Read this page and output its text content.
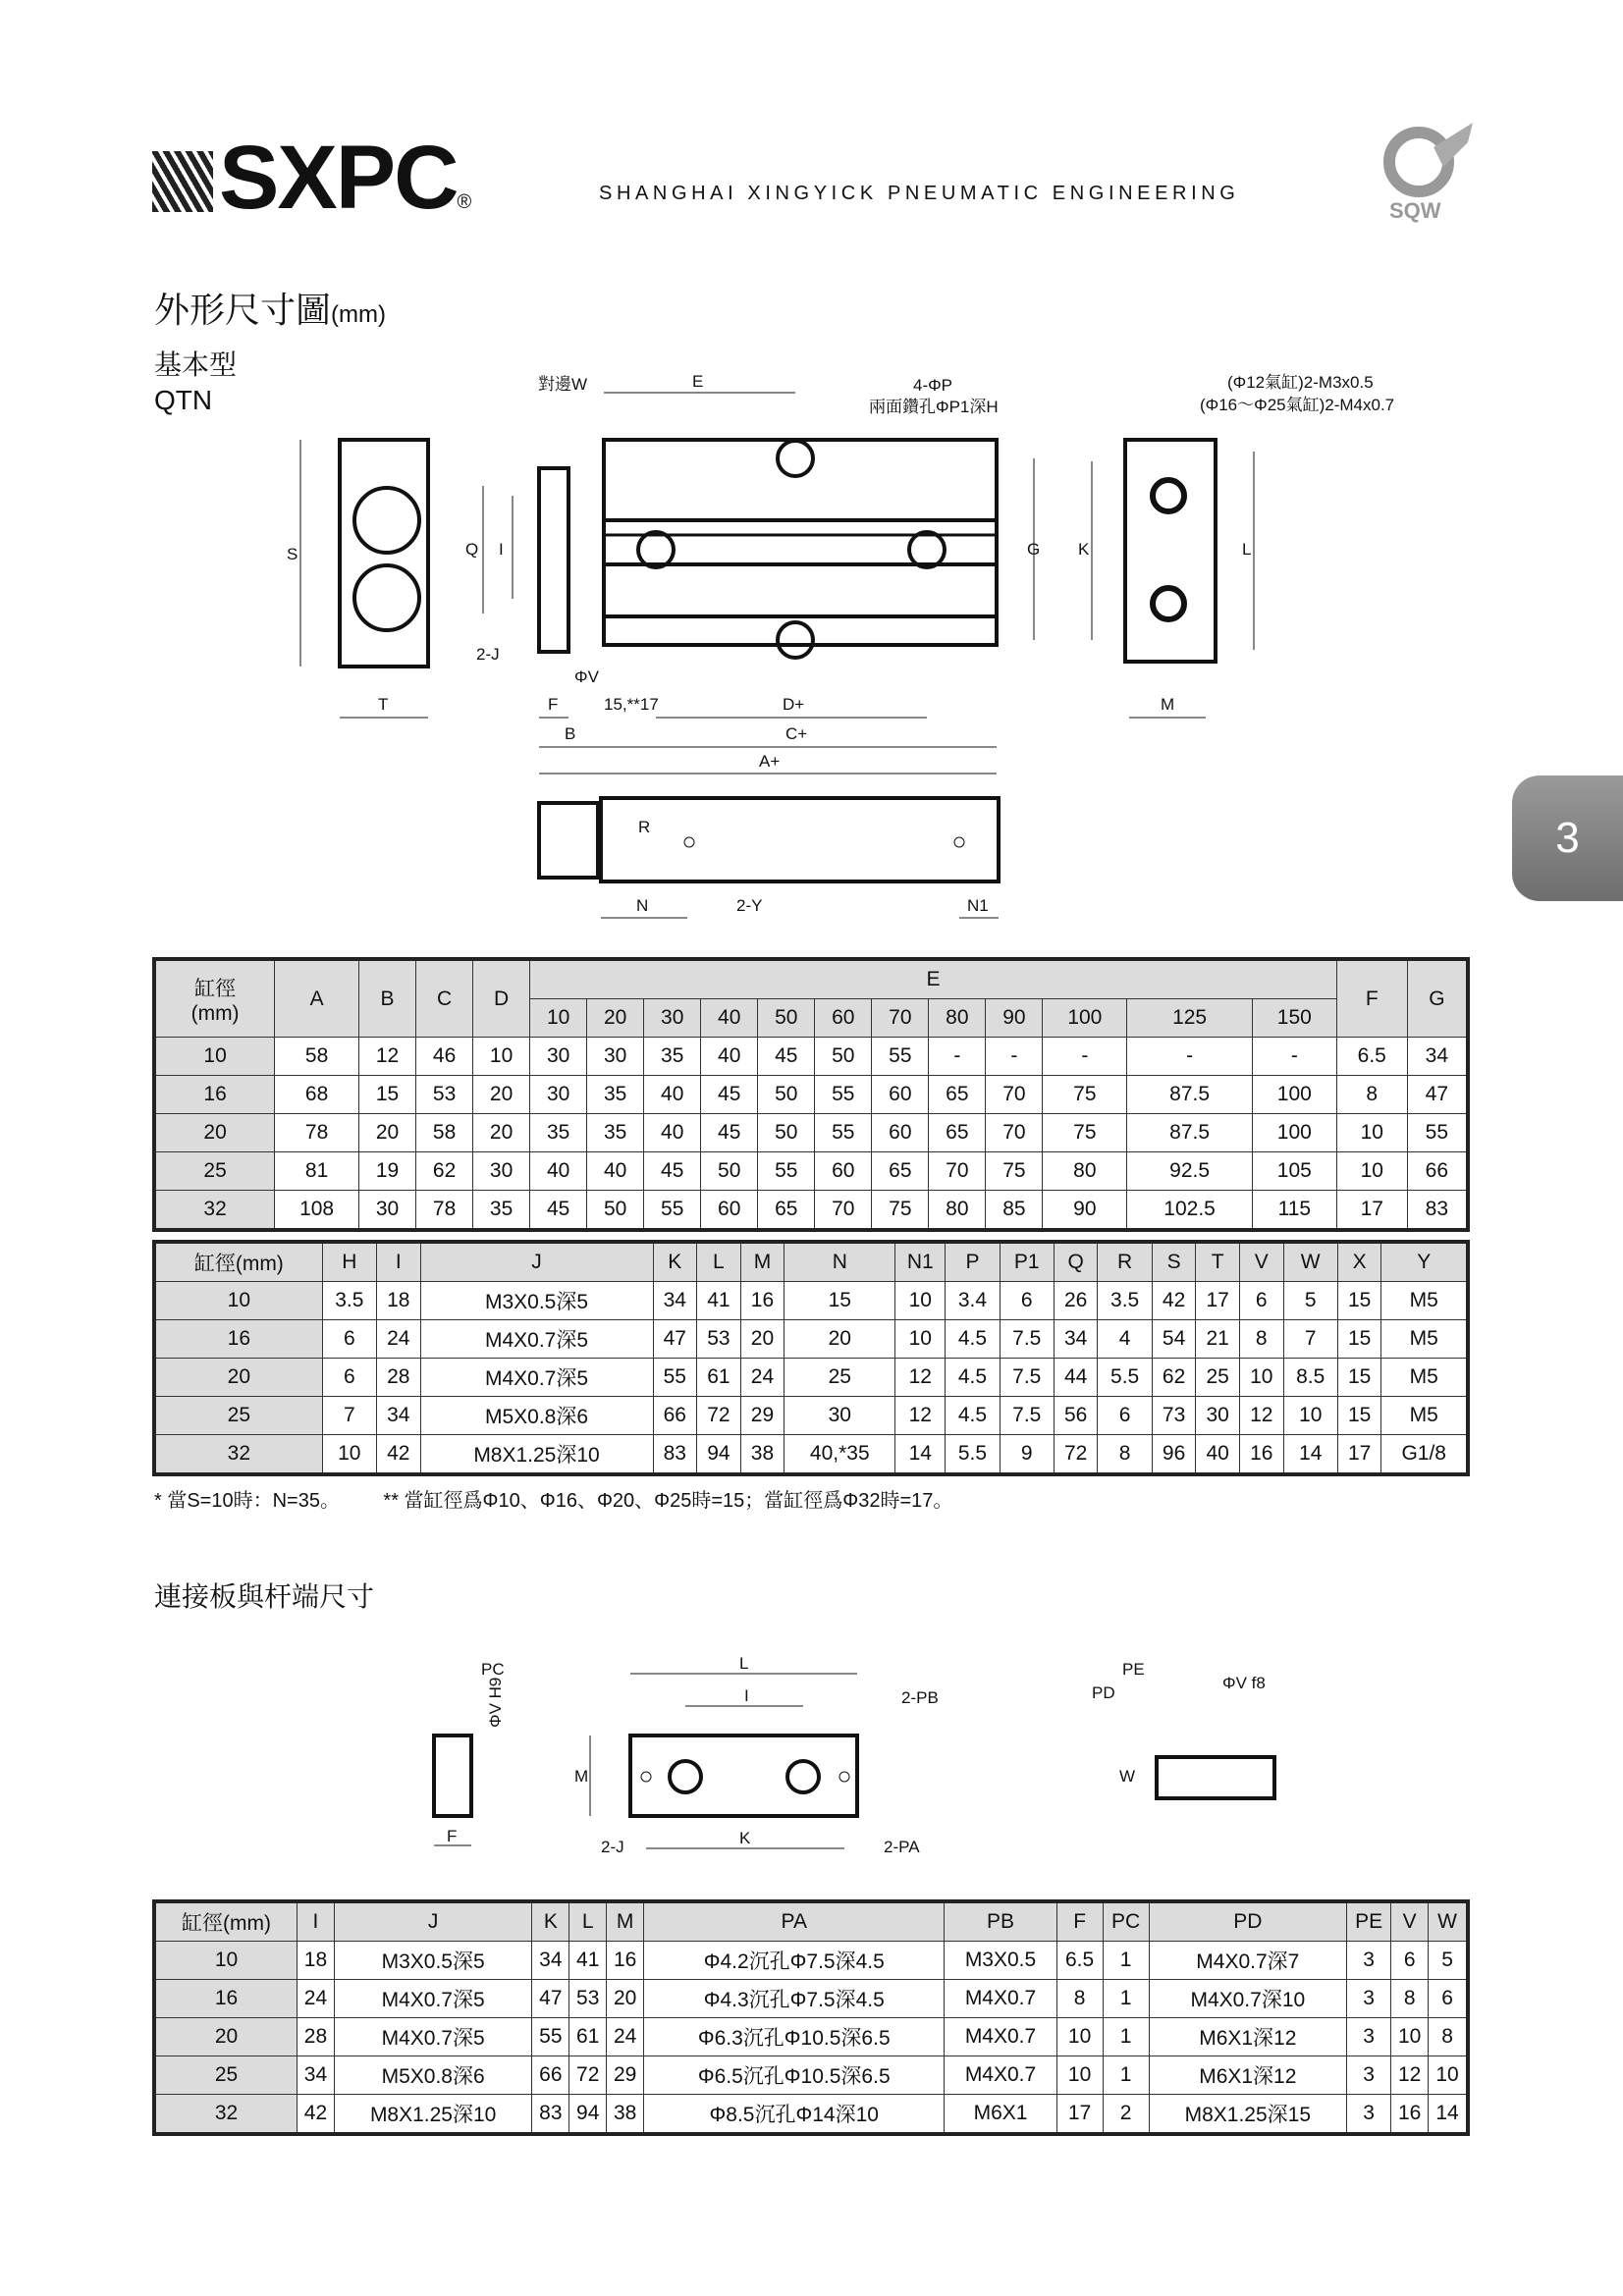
SXPC®	SHANGHAI XINGYICK PNEUMATIC ENGINEERING
SQW
外形尺寸圖(mm)
基本型
QTN
3
S
T
E
對邊W	4-ΦP
兩面鑽孔ΦP1深H
G
Q I
2-J
ΦV
F	15,**17	D+
B	C+
A+
(Φ12氣缸)2-M3x0.5
(Φ16～Φ25氣缸)2-M4x0.7
K	L
M
R
2-Y
N	N1
缸徑
(mm)	A	B	C	D	E												F	G
					10	20	30	40	50	60	70	80	90	100	125	150		
10	58	12	46	10	30	30	35	40	45	50	55	-	-	-	-	-	6.5	34
16	68	15	53	20	30	35	40	45	50	55	60	65	70	75	87.5	100	8	47
20	78	20	58	20	35	35	40	45	50	55	60	65	70	75	87.5	100	10	55
25	81	19	62	30	40	40	45	50	55	60	65	70	75	80	92.5	105	10	66
32	108	30	78	35	45	50	55	60	65	70	75	80	85	90	102.5	115	17	83
缸徑(mm)	H	I	J	K	L	M	N	N1	P	P1	Q	R	S	T	V	W	X	Y
10	3.5	18	M3X0.5深5	34	41	16	15	10	3.4	6	26	3.5	42	17	6	5	15	M5
16	6	24	M4X0.7深5	47	53	20	20	10	4.5	7.5	34	4	54	21	8	7	15	M5
20	6	28	M4X0.7深5	55	61	24	25	12	4.5	7.5	44	5.5	62	25	10	8.5	15	M5
25	7	34	M5X0.8深6	66	72	29	30	12	4.5	7.5	56	6	73	30	12	10	15	M5
32	10	42	M8X1.25深10	83	94	38	40,*35	14	5.5	9	72	8	96	40	16	14	17	G1/8
* 當S=10時：N=35。        ** 當缸徑爲Φ10、Φ16、Φ20、Φ25時=15；當缸徑爲Φ32時=17。
連接板與杆端尺寸
PC
ΦV H9
F
L
I	2-PB
M
2-J	K	2-PA
PE
PD
ΦV f8
W
缸徑(mm)	I	J	K	L	M	PA	PB	F	PC	PD	PE	V	W
10	18	M3X0.5深5	34	41	16	Φ4.2沉孔Φ7.5深4.5	M3X0.5	6.5	1	M4X0.7深7	3	6	5
16	24	M4X0.7深5	47	53	20	Φ4.3沉孔Φ7.5深4.5	M4X0.7	8	1	M4X0.7深10	3	8	6
20	28	M4X0.7深5	55	61	24	Φ6.3沉孔Φ10.5深6.5	M4X0.7	10	1	M6X1深12	3	10	8
25	34	M5X0.8深6	66	72	29	Φ6.5沉孔Φ10.5深6.5	M4X0.7	10	1	M6X1深12	3	12	10
32	42	M8X1.25深10	83	94	38	Φ8.5沉孔Φ14深10	M6X1	17	2	M8X1.25深15	3	16	14
